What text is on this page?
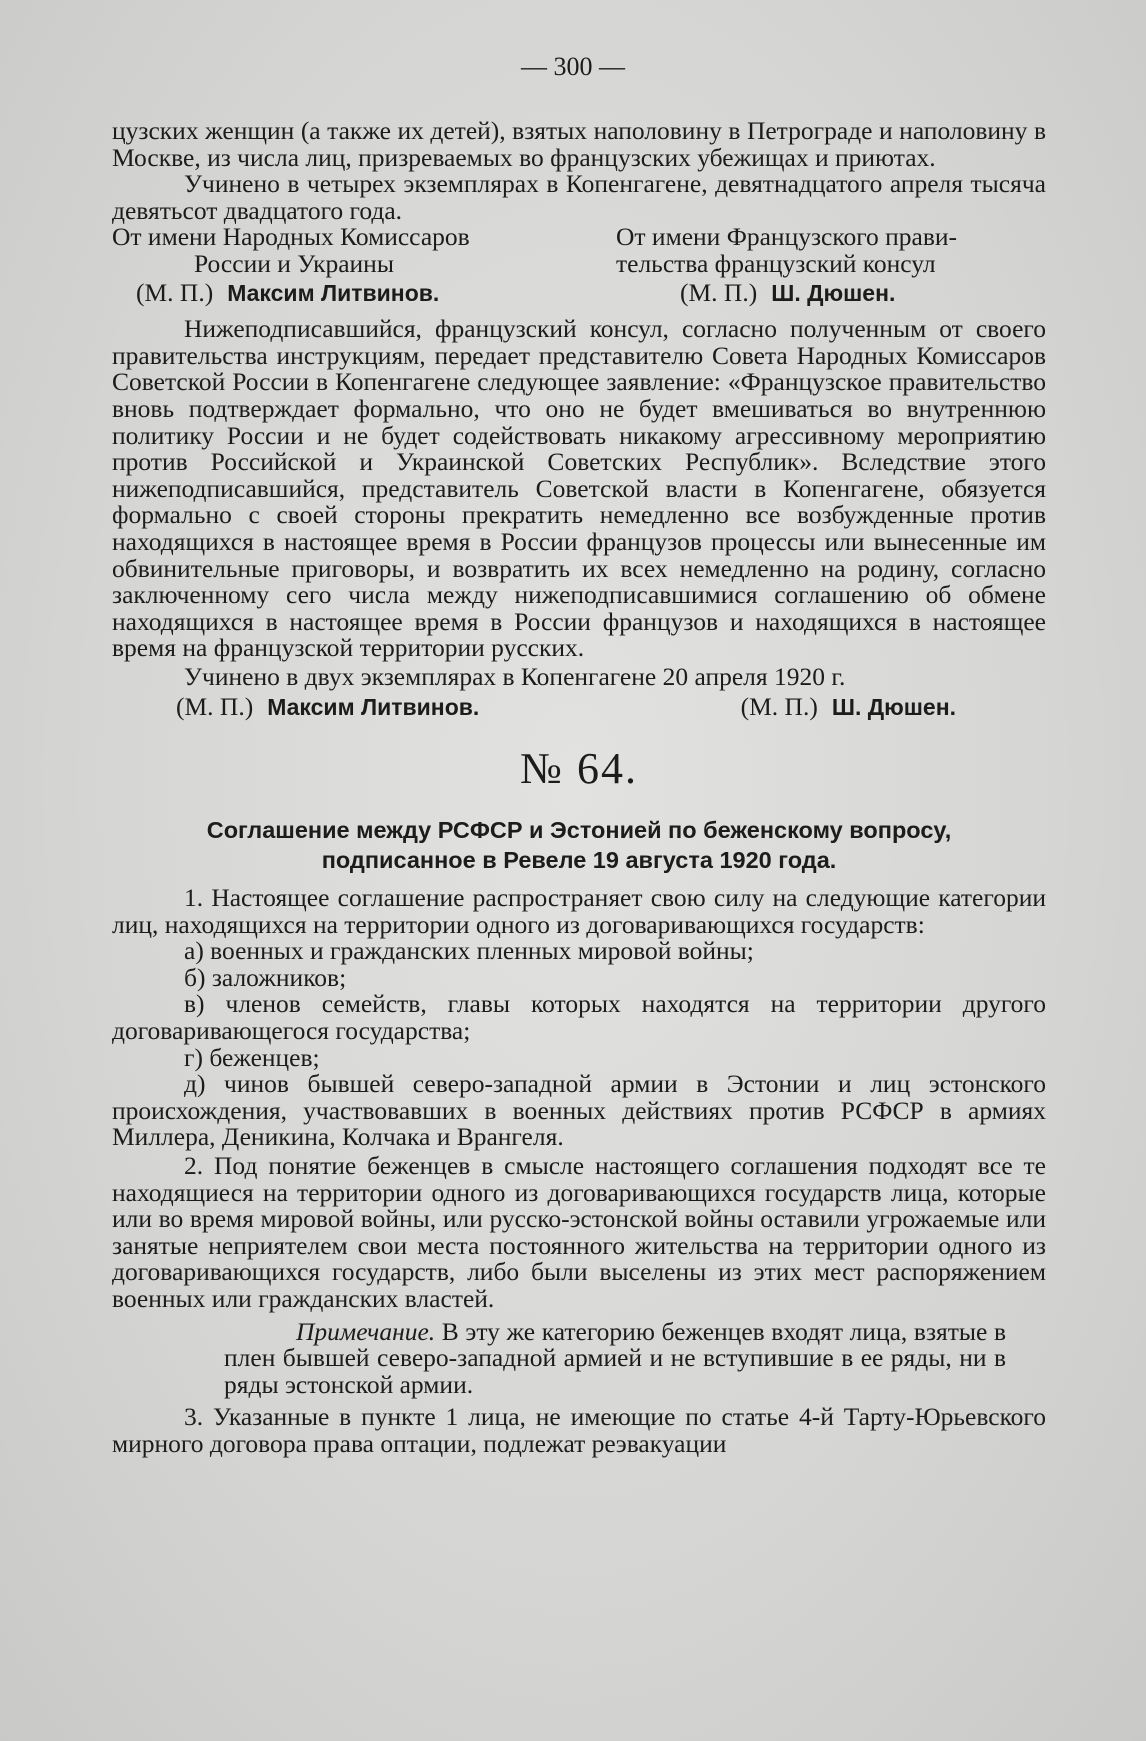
— 300 —

цузских женщин (а также их детей), взятых наполовину в Петрограде и наполовину в Москве, из числа лиц, призреваемых во французских убежищах и приютах.

Учинено в четырех экземплярах в Копенгагене, девятнадцатого апреля тысяча девятьсот двадцатого года.

От имени Народных Комиссаров
России и Украины
(М. П.) Максим Литвинов.
От имени Французского прави-
тельства французский консул
(М. П.) Ш. Дюшен.

Нижеподписавшийся, французский консул, согласно полученным от своего правительства инструкциям, передает представителю Совета Народных Комиссаров Советской России в Копенгагене следующее заявление: «Французское правительство вновь подтверждает формально, что оно не будет вмешиваться во внутреннюю политику России и не будет содействовать никакому агрессивному мероприятию против Российской и Украинской Советских Республик». Вследствие этого нижеподписавшийся, представитель Советской власти в Копенгагене, обязуется формально с своей стороны прекратить немедленно все возбужденные против находящихся в настоящее время в России французов процессы или вынесенные им обвинительные приговоры, и возвратить их всех немедленно на родину, согласно заключенному сего числа между нижеподписавшимися соглашению об обмене находящихся в настоящее время в России французов и находящихся в настоящее время на французской территории русских.

Учинено в двух экземплярах в Копенгагене 20 апреля 1920 г.

(М. П.) Максим Литвинов.	(М. П.) Ш. Дюшен.
№ 64.
Соглашение между РСФСР и Эстонией по беженскому вопросу, подписанное в Ревеле 19 августа 1920 года.

1. Настоящее соглашение распространяет свою силу на следующие категории лиц, находящихся на территории одного из договаривающихся государств:

а) военных и гражданских пленных мировой войны;

б) заложников;

в) членов семейств, главы которых находятся на территории другого договаривающегося государства;

г) беженцев;

д) чинов бывшей северо-западной армии в Эстонии и лиц эстонского происхождения, участвовавших в военных действиях против РСФСР в армиях Миллера, Деникина, Колчака и Врангеля.

2. Под понятие беженцев в смысле настоящего соглашения подходят все те находящиеся на территории одного из договаривающихся государств лица, которые или во время мировой войны, или русско-эстонской войны оставили угрожаемые или занятые неприятелем свои места постоянного жительства на территории одного из договаривающихся государств, либо были выселены из этих мест распоряжением военных или гражданских властей.

Примечание. В эту же категорию беженцев входят лица, взятые в плен бывшей северо-западной армией и не вступившие в ее ряды, ни в ряды эстонской армии.

3. Указанные в пункте 1 лица, не имеющие по статье 4-й Тарту-Юрьевского мирного договора права оптации, подлежат реэвакуации
